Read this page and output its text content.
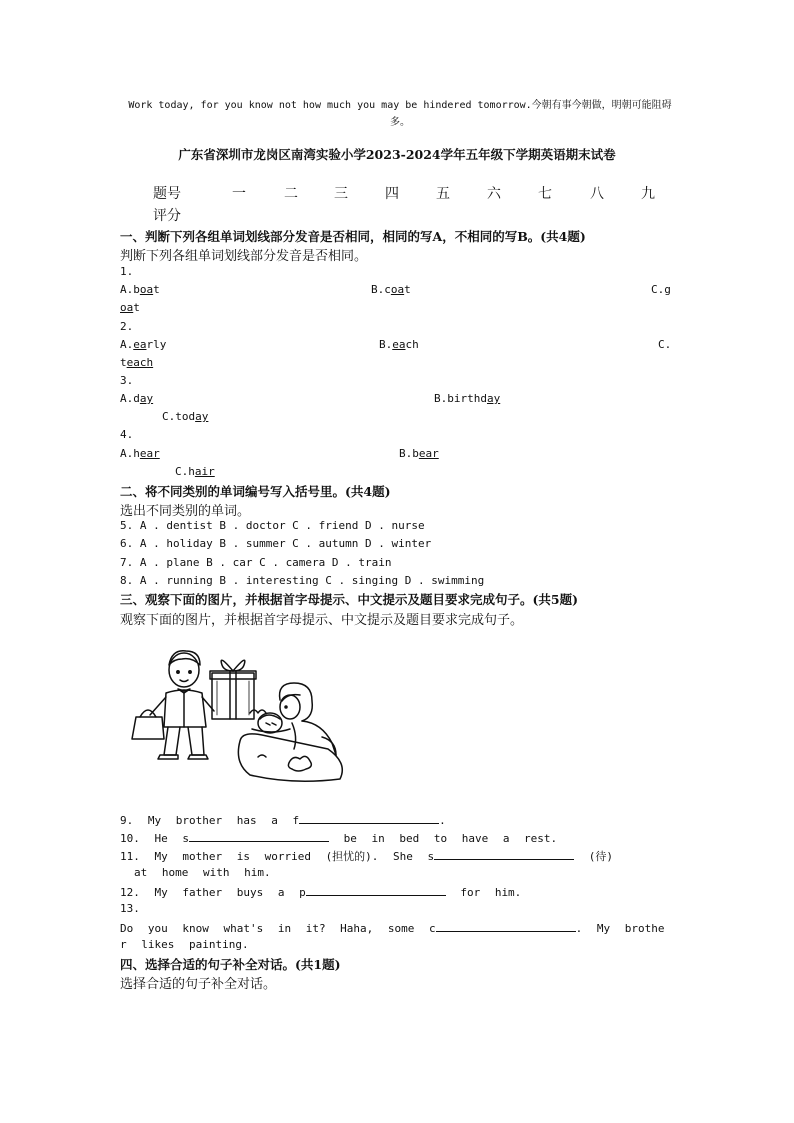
Work today, for you know not how much you may be hindered tomorrow.今朝有事今朝做，明朝可能阻碍多。
广东省深圳市龙岗区南湾实验小学2023-2024学年五年级下学期英语期末试卷
题号	一	二	三	四	五	六	七	八	九
评分
一、判断下列各组单词划线部分发音是否相同，相同的写A，不相同的写B。(共4题)
判断下列各组单词划线部分发音是否相同。
1.
A.boat	B.coat	C.g
oat
2.
A.early	B.each	C.
teach
3.
A.day	B.birthday
C.today
4.
A.hear	B.bear
C.hair
二、将不同类别的单词编号写入括号里。(共4题)
选出不同类别的单词。
5. A . dentist B . doctor C . friend D . nurse
6. A . holiday B . summer C . autumn D . winter
7. A . plane B . car C . camera D . train
8. A . running B . interesting C . singing D . swimming
三、观察下面的图片，并根据首字母提示、中文提示及题目要求完成句子。(共5题)
观察下面的图片，并根据首字母提示、中文提示及题目要求完成句子。
9. My brother has a f	.
10. He s	be in bed to have a rest.
11. My mother is worried (担忧的). She s	(待)
at home with him.
12. My father buys a p	for him.
13.
Do you know what's in it? Haha, some c	. My brothe
r likes painting.
四、选择合适的句子补全对话。(共1题)
选择合适的句子补全对话。
